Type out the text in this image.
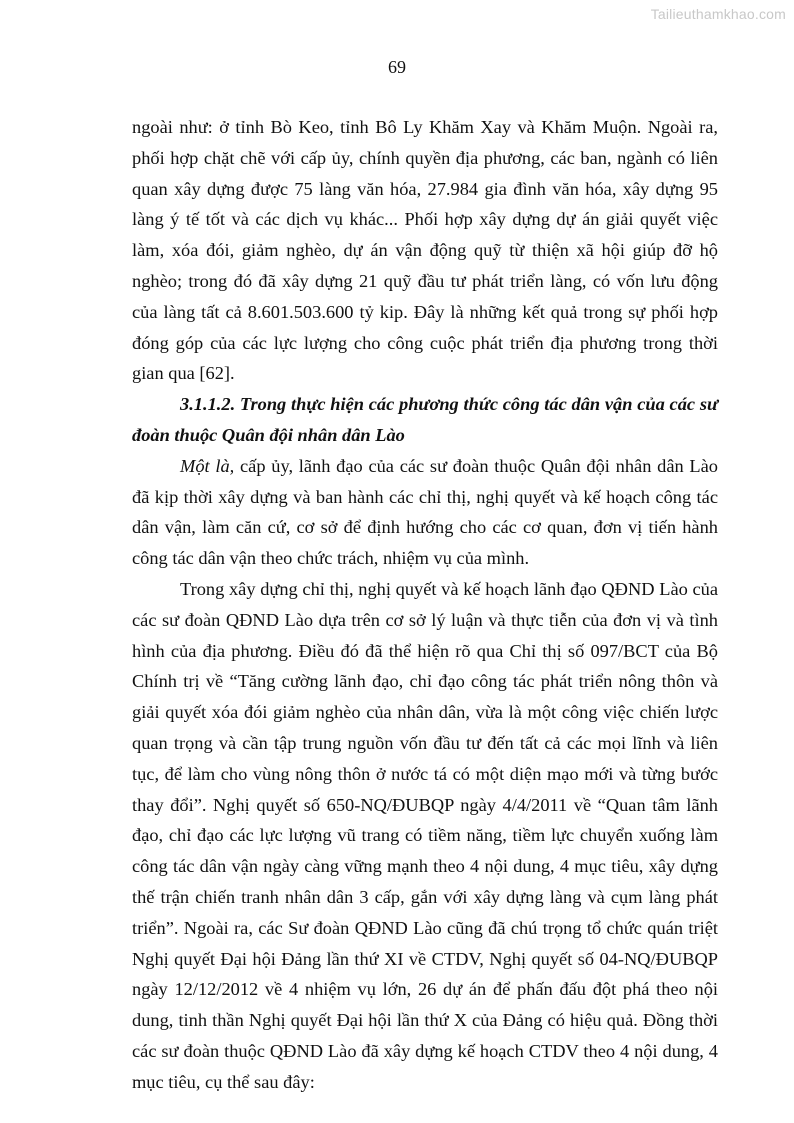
Tailieuthamkhao.com
69

ngoài như: ở tỉnh Bò Keo, tỉnh Bô Ly Khăm Xay và Khăm Muộn. Ngoài ra, phối hợp chặt chẽ với cấp ủy, chính quyền địa phương, các ban, ngành có liên quan xây dựng được 75 làng văn hóa, 27.984 gia đình văn hóa, xây dựng 95 làng ý tế tốt và các dịch vụ khác... Phối hợp xây dựng dự án giải quyết việc làm, xóa đói, giảm nghèo, dự án vận động quỹ từ thiện xã hội giúp đỡ hộ nghèo; trong đó đã xây dựng 21 quỹ đầu tư phát triển làng, có vốn lưu động của làng tất cả 8.601.503.600 tỷ kip. Đây là những kết quả trong sự phối hợp đóng góp của các lực lượng cho công cuộc phát triển địa phương trong thời gian qua [62].

3.1.1.2. Trong thực hiện các phương thức công tác dân vận của các sư đoàn thuộc Quân đội nhân dân Lào

Một là, cấp ủy, lãnh đạo của các sư đoàn thuộc Quân đội nhân dân Lào đã kịp thời xây dựng và ban hành các chỉ thị, nghị quyết và kế hoạch công tác dân vận, làm căn cứ, cơ sở để định hướng cho các cơ quan, đơn vị tiến hành công tác dân vận theo chức trách, nhiệm vụ của mình.

Trong xây dựng chỉ thị, nghị quyết và kế hoạch lãnh đạo QĐND Lào của các sư đoàn QĐND Lào dựa trên cơ sở lý luận và thực tiễn của đơn vị và tình hình của địa phương. Điều đó đã thể hiện rõ qua Chỉ thị số 097/BCT của Bộ Chính trị về “Tăng cường lãnh đạo, chỉ đạo công tác phát triển nông thôn và giải quyết xóa đói giảm nghèo của nhân dân, vừa là một công việc chiến lược quan trọng và cần tập trung nguồn vốn đầu tư đến tất cả các mọi lĩnh và liên tục, để làm cho vùng nông thôn ở nước tá có một diện mạo mới và từng bước thay đổi”. Nghị quyết số 650-NQ/ĐUBQP ngày 4/4/2011 về “Quan tâm lãnh đạo, chỉ đạo các lực lượng vũ trang có tiềm năng, tiềm lực chuyển xuống làm công tác dân vận ngày càng vững mạnh theo 4 nội dung, 4 mục tiêu, xây dựng thế trận chiến tranh nhân dân 3 cấp, gắn với xây dựng làng và cụm làng phát triển”. Ngoài ra, các Sư đoàn QĐND Lào cũng đã chú trọng tổ chức quán triệt Nghị quyết Đại hội Đảng lần thứ XI về CTDV, Nghị quyết số 04-NQ/ĐUBQP ngày 12/12/2012 về 4 nhiệm vụ lớn, 26 dự án để phấn đấu đột phá theo nội dung, tinh thần Nghị quyết Đại hội lần thứ X của Đảng có hiệu quả. Đồng thời các sư đoàn thuộc QĐND Lào đã xây dựng kế hoạch CTDV theo 4 nội dung, 4 mục tiêu, cụ thể sau đây:
